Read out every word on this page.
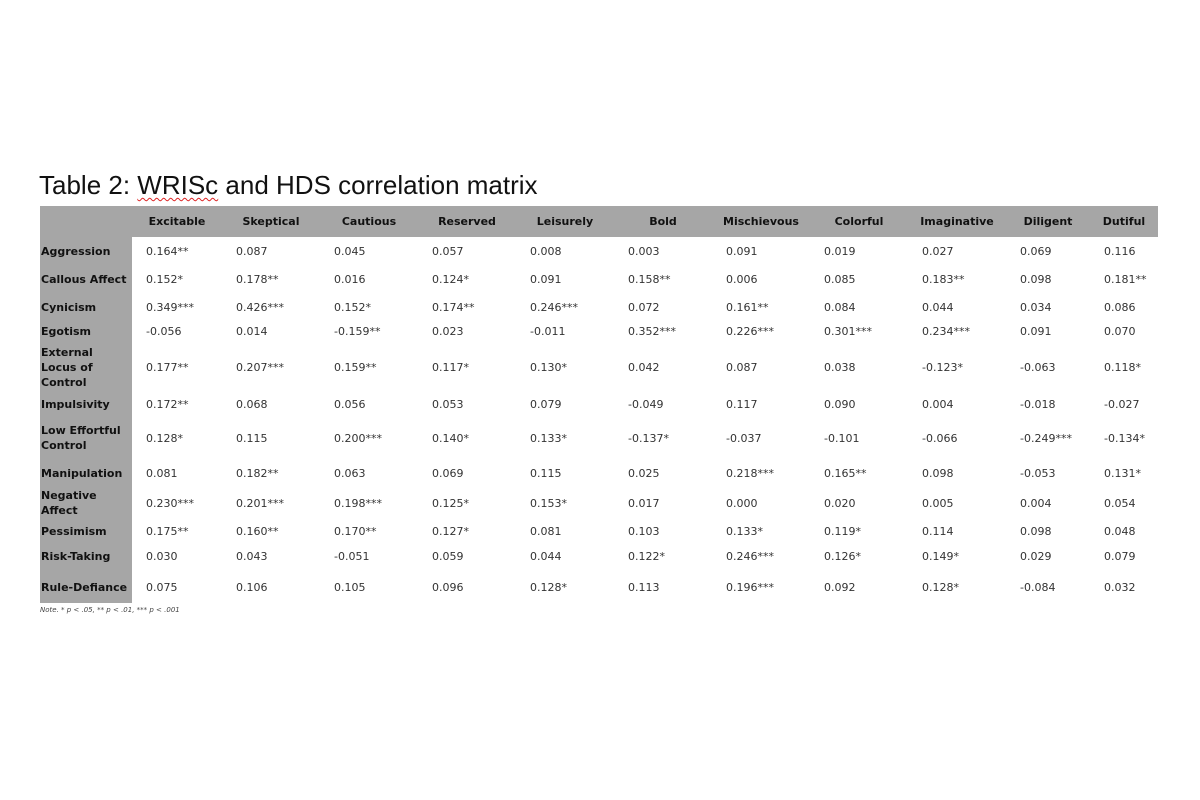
Table 2: WRISc and HDS correlation matrix
	Excitable	Skeptical	Cautious	Reserved	Leisurely	Bold	Mischievous	Colorful	Imaginative	Diligent	Dutiful
Aggression	0.164**	0.087	0.045	0.057	0.008	0.003	0.091	0.019	0.027	0.069	0.116
Callous Affect	0.152*	0.178**	0.016	0.124*	0.091	0.158**	0.006	0.085	0.183**	0.098	0.181**
Cynicism	0.349***	0.426***	0.152*	0.174**	0.246***	0.072	0.161**	0.084	0.044	0.034	0.086
Egotism	-0.056	0.014	-0.159**	0.023	-0.011	0.352***	0.226***	0.301***	0.234***	0.091	0.070
External Locus of Control	0.177**	0.207***	0.159**	0.117*	0.130*	0.042	0.087	0.038	-0.123*	-0.063	0.118*
Impulsivity	0.172**	0.068	0.056	0.053	0.079	-0.049	0.117	0.090	0.004	-0.018	-0.027
Low Effortful Control	0.128*	0.115	0.200***	0.140*	0.133*	-0.137*	-0.037	-0.101	-0.066	-0.249***	-0.134*
Manipulation	0.081	0.182**	0.063	0.069	0.115	0.025	0.218***	0.165**	0.098	-0.053	0.131*
Negative Affect	0.230***	0.201***	0.198***	0.125*	0.153*	0.017	0.000	0.020	0.005	0.004	0.054
Pessimism	0.175**	0.160**	0.170**	0.127*	0.081	0.103	0.133*	0.119*	0.114	0.098	0.048
Risk-Taking	0.030	0.043	-0.051	0.059	0.044	0.122*	0.246***	0.126*	0.149*	0.029	0.079
Rule-Defiance	0.075	0.106	0.105	0.096	0.128*	0.113	0.196***	0.092	0.128*	-0.084	0.032
Note. * p < .05, ** p < .01, *** p < .001
